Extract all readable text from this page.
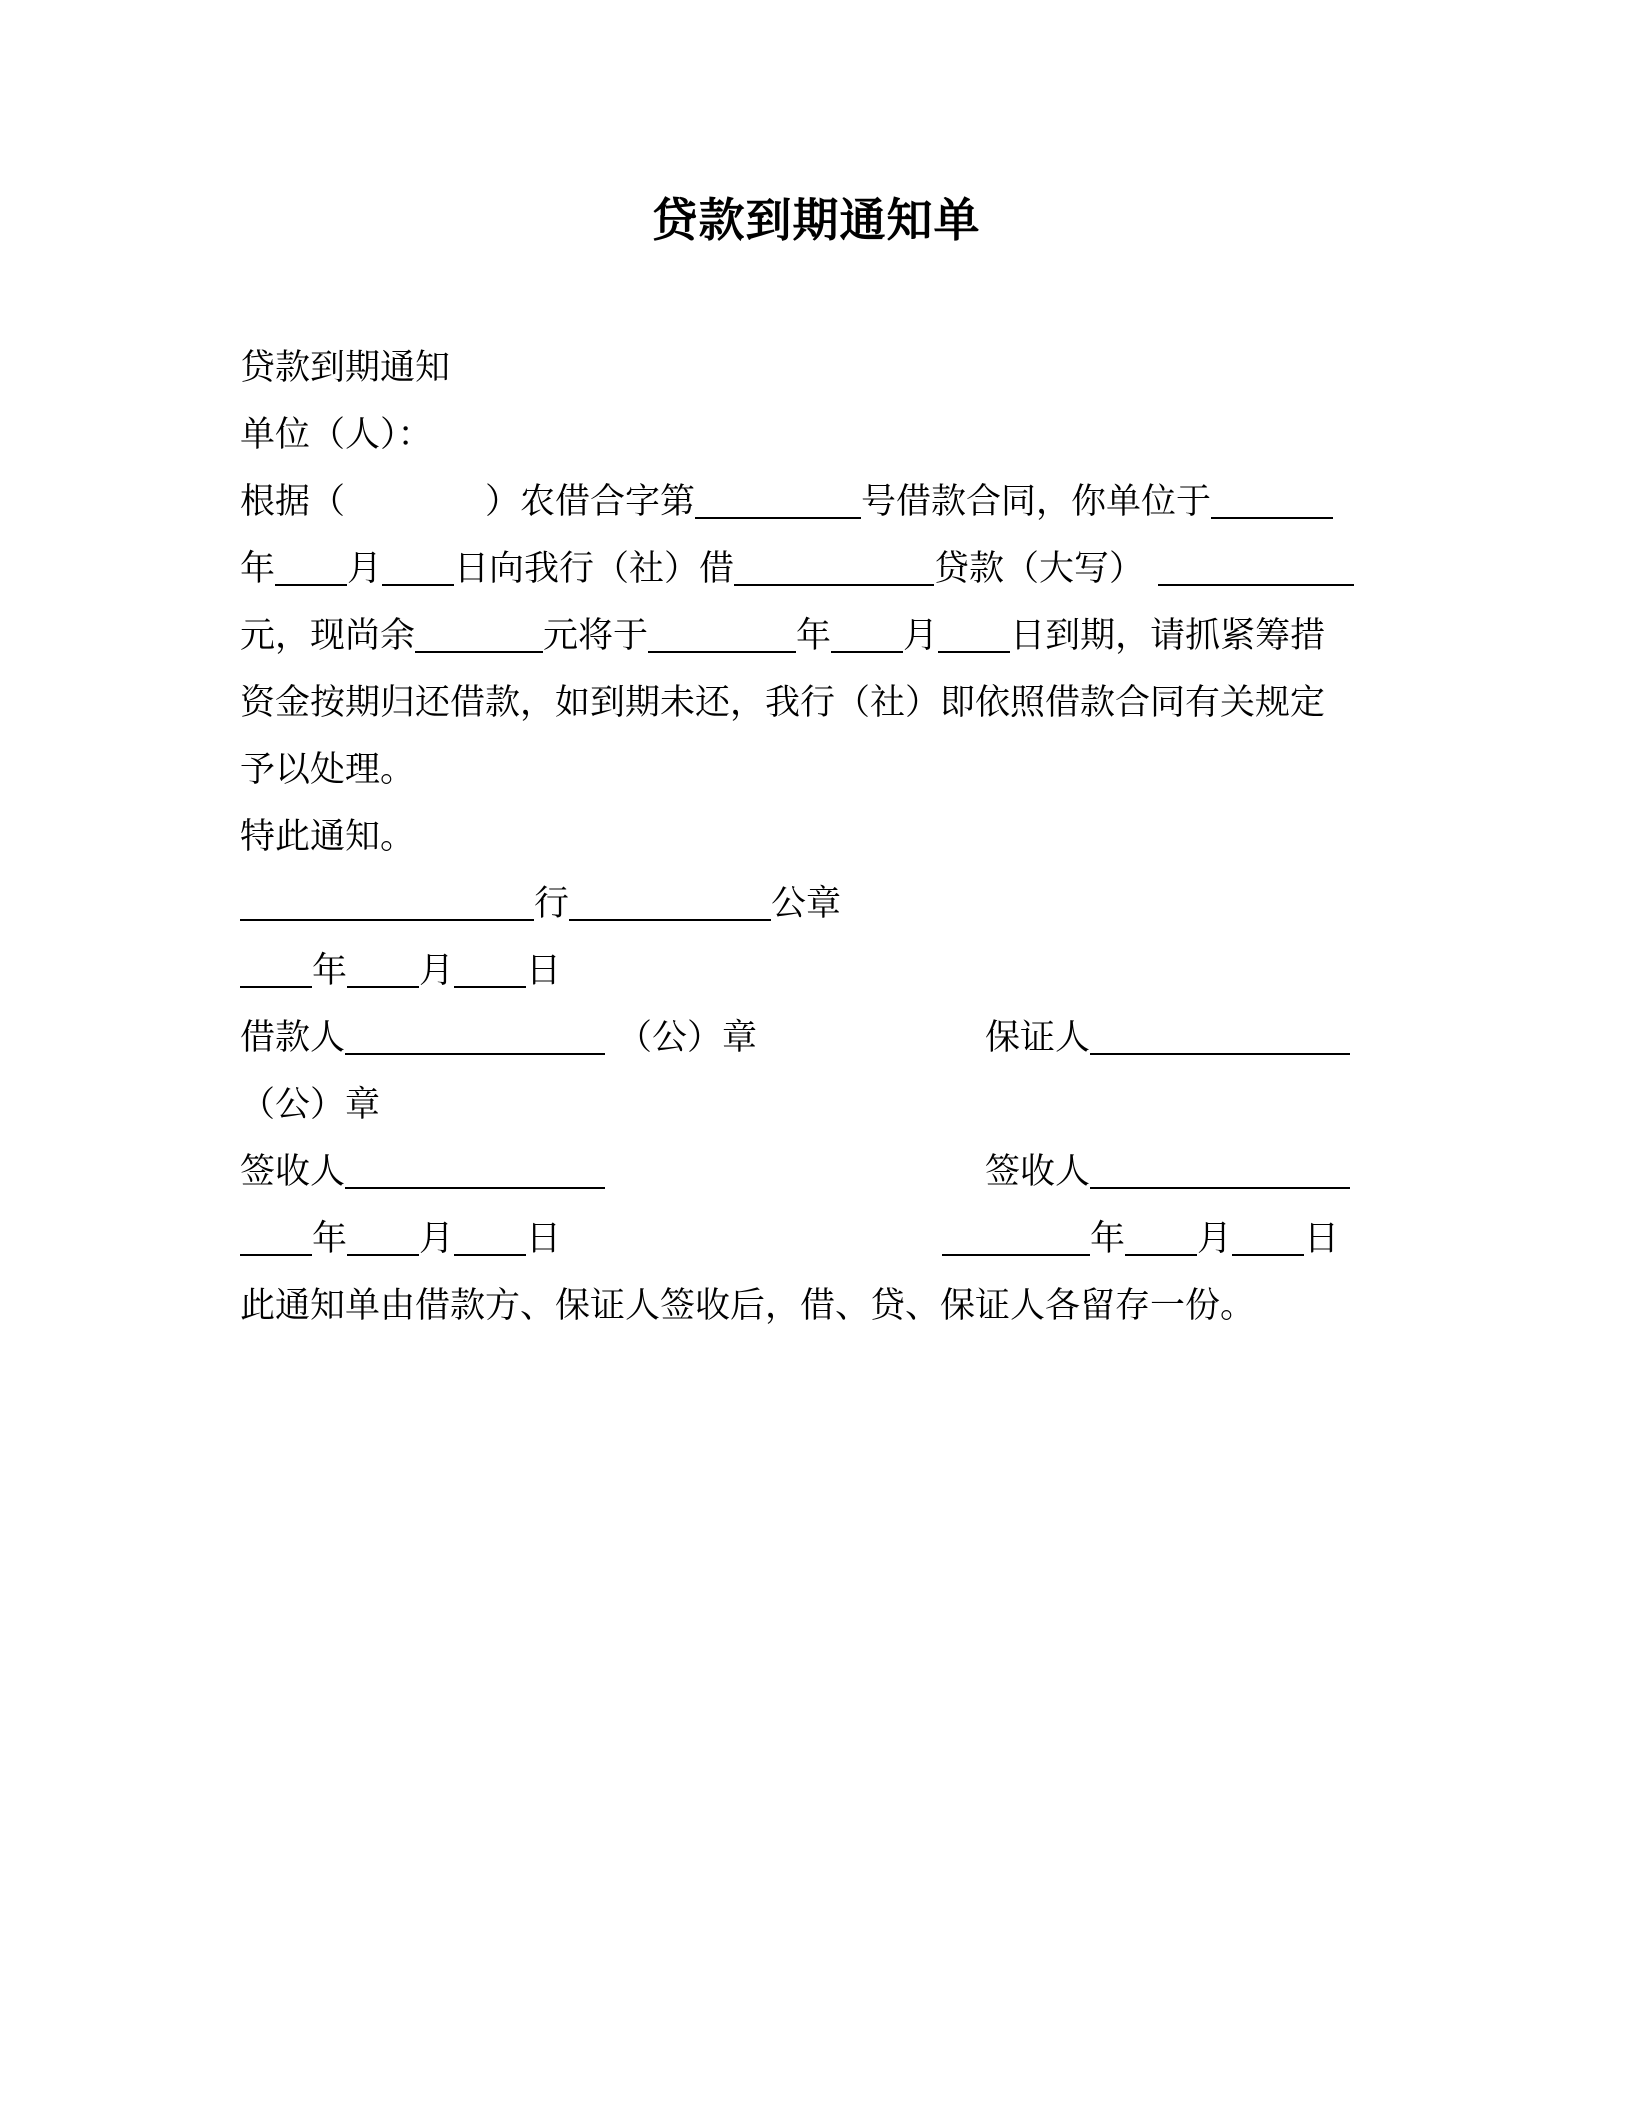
贷款到期通知单
贷款到期通知
单位（人）：
根据（	）农借合字第	号借款合同，你单位于
年 月 日向我行（社）借	贷款（大写）
元，现尚余	元将于	年 月 日到期，请抓紧筹措
资金按期归还借款，如到期未还，我行（社）即依照借款合同有关规定
予以处理。
特此通知。
行	公章
年 月 日
借款人	（公）章	保证人
（公）章
签收人	签收人
年 月 日	年 月 日
此通知单由借款方、保证人签收后，借、贷、保证人各留存一份。
